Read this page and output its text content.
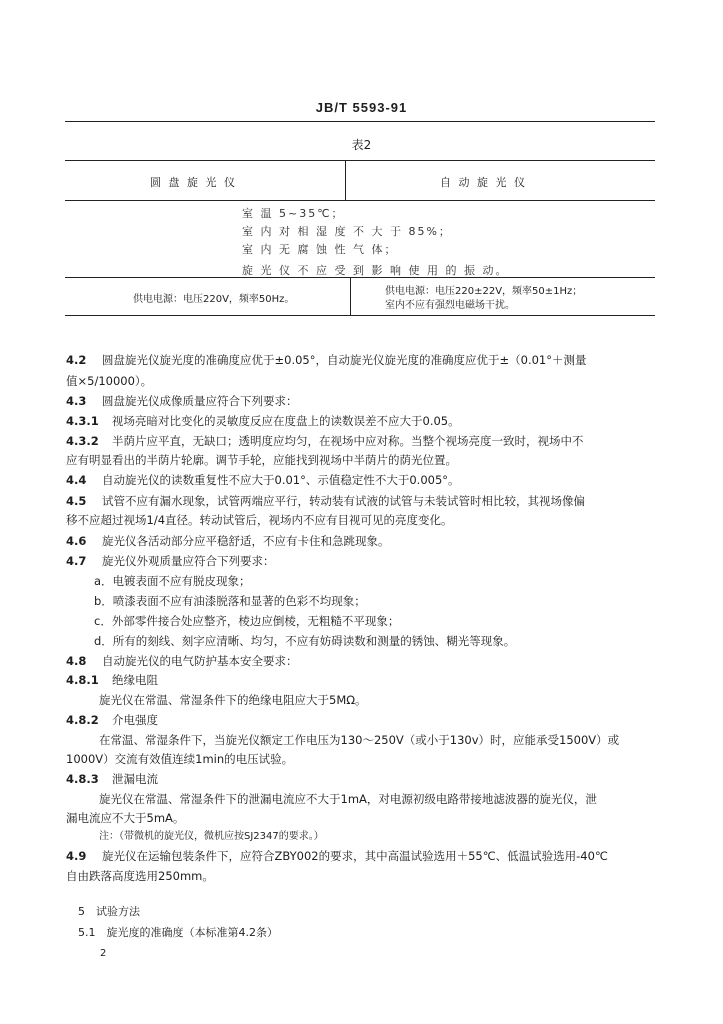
JB/T 5593-91
表2
圆 盘 旋 光 仪	自 动 旋 光 仪
室 温 5~35℃；
室 内 对 相 湿 度 不 大 于 85%；
室 内 无 腐 蚀 性 气 体；
旋 光 仪 不 应 受 到 影 响 使 用 的 振 动。
供电电源：电压220V，频率50Hz。
供电电源：电压220±22V，频率50±1Hz；
室内不应有强烈电磁场干扰。
4.2 圆盘旋光仪旋光度的准确度应优于±0.05°，自动旋光仪旋光度的准确度应优于±（0.01°＋测量
值×5/10000）。
4.3 圆盘旋光仪成像质量应符合下列要求：
4.3.1 视场亮暗对比变化的灵敏度反应在度盘上的读数误差不应大于0.05。
4.3.2 半荫片应平直，无缺口；透明度应均匀，在视场中应对称。当整个视场亮度一致时，视场中不
应有明显看出的半荫片轮廓。调节手轮，应能找到视场中半荫片的荫光位置。
4.4 自动旋光仪的读数重复性不应大于0.01°、示值稳定性不大于0.005°。
4.5 试管不应有漏水现象，试管两端应平行，转动装有试液的试管与未装试管时相比较，其视场像偏
移不应超过视场1/4直径。转动试管后，视场内不应有目视可见的亮度变化。
4.6 旋光仪各活动部分应平稳舒适，不应有卡住和急跳现象。
4.7 旋光仪外观质量应符合下列要求：
a．电镀表面不应有脱皮现象；
b．喷漆表面不应有油漆脱落和显著的色彩不均现象；
c．外部零件接合处应整齐，棱边应倒棱，无粗糙不平现象；
d．所有的刻线、刻字应清晰、均匀，不应有妨碍读数和测量的锈蚀、糊光等现象。
4.8 自动旋光仪的电气防护基本安全要求：
4.8.1 绝缘电阻
旋光仪在常温、常湿条件下的绝缘电阻应大于5MΩ。
4.8.2 介电强度
在常温、常湿条件下，当旋光仪额定工作电压为130～250V（或小于130v）时，应能承受1500V）或
1000V）交流有效值连续1min的电压试验。
4.8.3 泄漏电流
旋光仪在常温、常湿条件下的泄漏电流应不大于1mA，对电源初级电路带接地滤波器的旋光仪，泄
漏电流应不大于5mA。
注：（带微机的旋光仪，微机应按SJ2347的要求。）
4.9 旋光仪在运输包装条件下，应符合ZBY002的要求，其中高温试验选用＋55℃、低温试验选用-40℃
自由跌落高度选用250mm。
5　试验方法
5.1　旋光度的准确度（本标准第4.2条）
2
